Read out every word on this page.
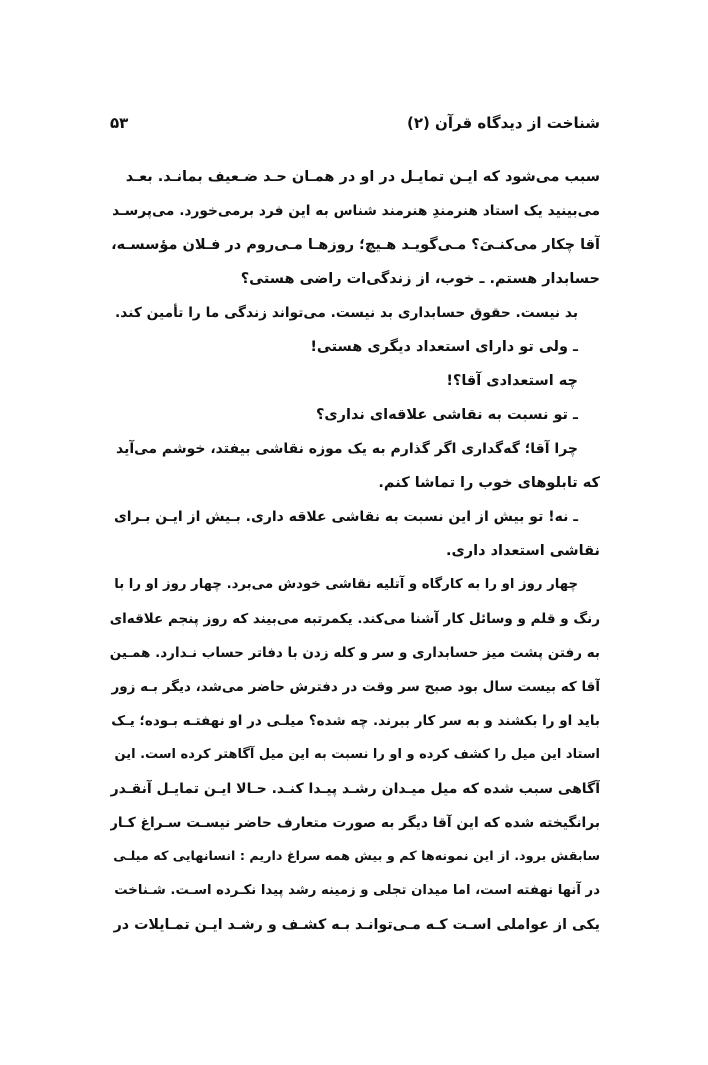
شناخت از دیدگاه قرآن (۲)
۵۳
سبب می‌شود که ایـن تمایـل در او در همـان حـد ضـعیف بمانـد. بعـد
می‌بینید یک استاد هنرمندِ هنرمند شناس به این فرد برمی‌خورد. می‌پرسـد
آقا چکار می‌کنـیَ؟ مـی‌گویـد هـیچ؛ روزهـا مـی‌روم در فـلان مؤسسـه،
حسابدار هستم. ـ خوب، از زندگی‌ات راضی هستی؟
بد نیست. حقوق حسابداری بد نیست. می‌تواند زندگی ما را تأمین کند.
ـ ولی تو دارای استعداد دیگری هستی!
چه استعدادی آقا؟!
ـ تو نسبت به نقاشی علاقه‌ای نداری؟
چرا آقا؛ گه‌گداری اگر گذارم به یک موزه نقاشی بیفتد، خوشم می‌آید
که تابلوهای خوب را تماشا کنم.
ـ نه! تو بیش از این نسبت به نقاشی علاقه داری. بـیش از ایـن بـرای
نقاشی استعداد داری.
چهار روز او را به کارگاه و آتلیه نقاشی خودش می‌برد. چهار روز او را با
رنگ و قلم و وسائل کار آشنا می‌کند. یکمرتبه می‌بیند که روز پنجم علاقه‌ای
به رفتن پشت میز حسابداری و سر و کله زدن با دفاتر حساب نـدارد. همـین
آقا که بیست سال بود صبح سر وقت در دفترش حاضر می‌شد، دیگر بـه زور
باید او را بکشند و به سر کار ببرند. چه شده؟ میلـی در او نهفتـه بـوده؛ یـک
استاد این میل را کشف کرده و او را نسبت به این میل آگاهتر کرده است. این
آگاهی سبب شده که میل میـدان رشـد پیـدا کنـد. حـالا ایـن تمایـل آنقـدر
برانگیخته شده که این آقا دیگر به صورت متعارف حاضر نیسـت سـراغ کـار
سابقش برود. از این نمونه‌ها کم و بیش همه سراغ داریم : انسانهایی که میلـی
در آنها نهفته است، اما میدان تجلی و زمینه رشد پیدا نکـرده اسـت. شـناخت
یکی از عواملی اسـت کـه مـی‌توانـد بـه کشـف و رشـد ایـن تمـایلات در
